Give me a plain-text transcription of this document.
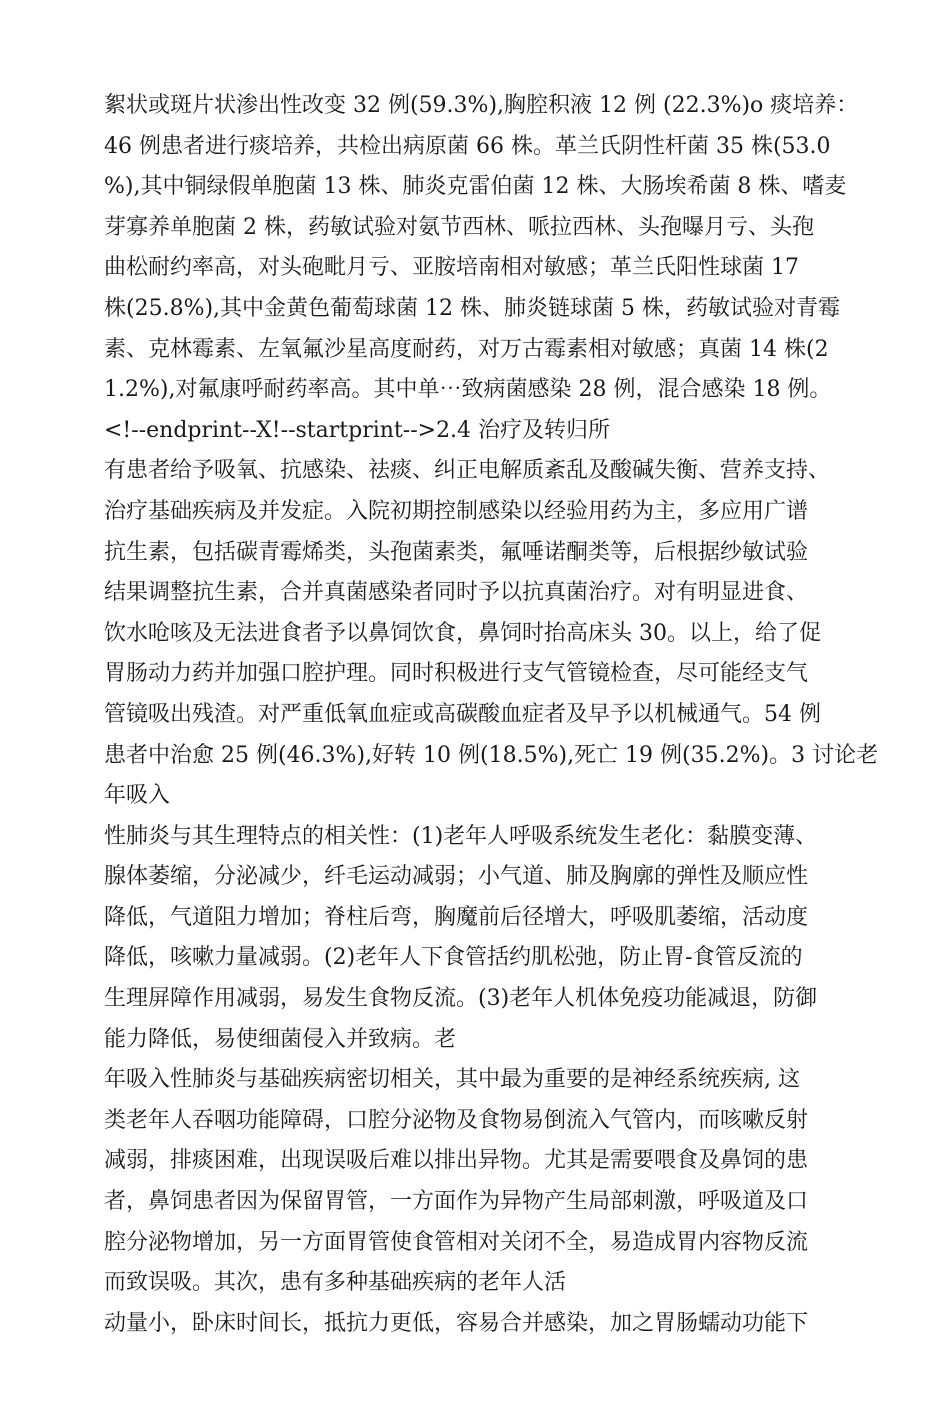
絮状或斑片状渗出性改变 32 例(59.3%),胸腔积液 12 例 (22.3%)o 痰培养：
46 例患者进行痰培养，共检出病原菌 66 株。革兰氏阴性杆菌 35 株(53.0
%),其中铜绿假单胞菌 13 株、肺炎克雷伯菌 12 株、大肠埃希菌 8 株、嗜麦
芽寡养单胞菌 2 株，药敏试验对氨节西林、哌拉西林、头孢曝月亏、头孢
曲松耐约率高，对头砲毗月亏、亚胺培南相对敏感；革兰氏阳性球菌 17
株(25.8%),其中金黄色葡萄球菌 12 株、肺炎链球菌 5 株，药敏试验对青霉
素、克林霉素、左氧氟沙星高度耐药，对万古霉素相对敏感；真菌 14 株(2
1.2%),对氟康呼耐药率高。其中单⋯致病菌感染 28 例，混合感染 18 例。
<!--endprint--X!--startprint-->2.4 治疗及转归所
有患者给予吸氧、抗感染、祛痰、纠正电解质紊乱及酸碱失衡、营养支持、
治疗基础疾病及并发症。入院初期控制感染以经验用药为主，多应用广谱
抗生素，包括碳青霉烯类，头孢菌素类，氟唾诺酮类等，后根据纱敏试验
结果调整抗生素，合并真菌感染者同时予以抗真菌治疗。对有明显进食、
饮水呛咳及无法进食者予以鼻饲饮食，鼻饲时抬高床头 30。以上，给了促
胃肠动力药并加强口腔护理。同时积极进行支气管镜检查，尽可能经支气
管镜吸出残渣。对严重低氧血症或高碳酸血症者及早予以机械通气。54 例
患者中治愈 25 例(46.3%),好转 10 例(18.5%),死亡 19 例(35.2%)。3 讨论老
年吸入
性肺炎与其生理特点的相关性：(1)老年人呼吸系统发生老化：黏膜变薄、
腺体萎缩，分泌减少，纤毛运动减弱；小气道、肺及胸廓的弹性及顺应性
降低，气道阻力增加；脊柱后弯，胸魔前后径增大，呼吸肌萎缩，活动度
降低，咳嗽力量减弱。(2)老年人下食管括约肌松弛，防止胃-食管反流的
生理屏障作用减弱，易发生食物反流。(3)老年人机体免疫功能减退，防御
能力降低，易使细菌侵入并致病。老
年吸入性肺炎与基础疾病密切相关，其中最为重要的是神经系统疾病, 这
类老年人吞咽功能障碍，口腔分泌物及食物易倒流入气管内，而咳嗽反射
减弱，排痰困难，出现误吸后难以排出异物。尤其是需要喂食及鼻饲的患
者，鼻饲患者因为保留胃管，一方面作为异物产生局部刺激，呼吸道及口
腔分泌物增加，另一方面胃管使食管相对关闭不全，易造成胃内容物反流
而致误吸。其次，患有多种基础疾病的老年人活
动量小，卧床时间长，抵抗力更低，容易合并感染，加之胃肠蠕动功能下
